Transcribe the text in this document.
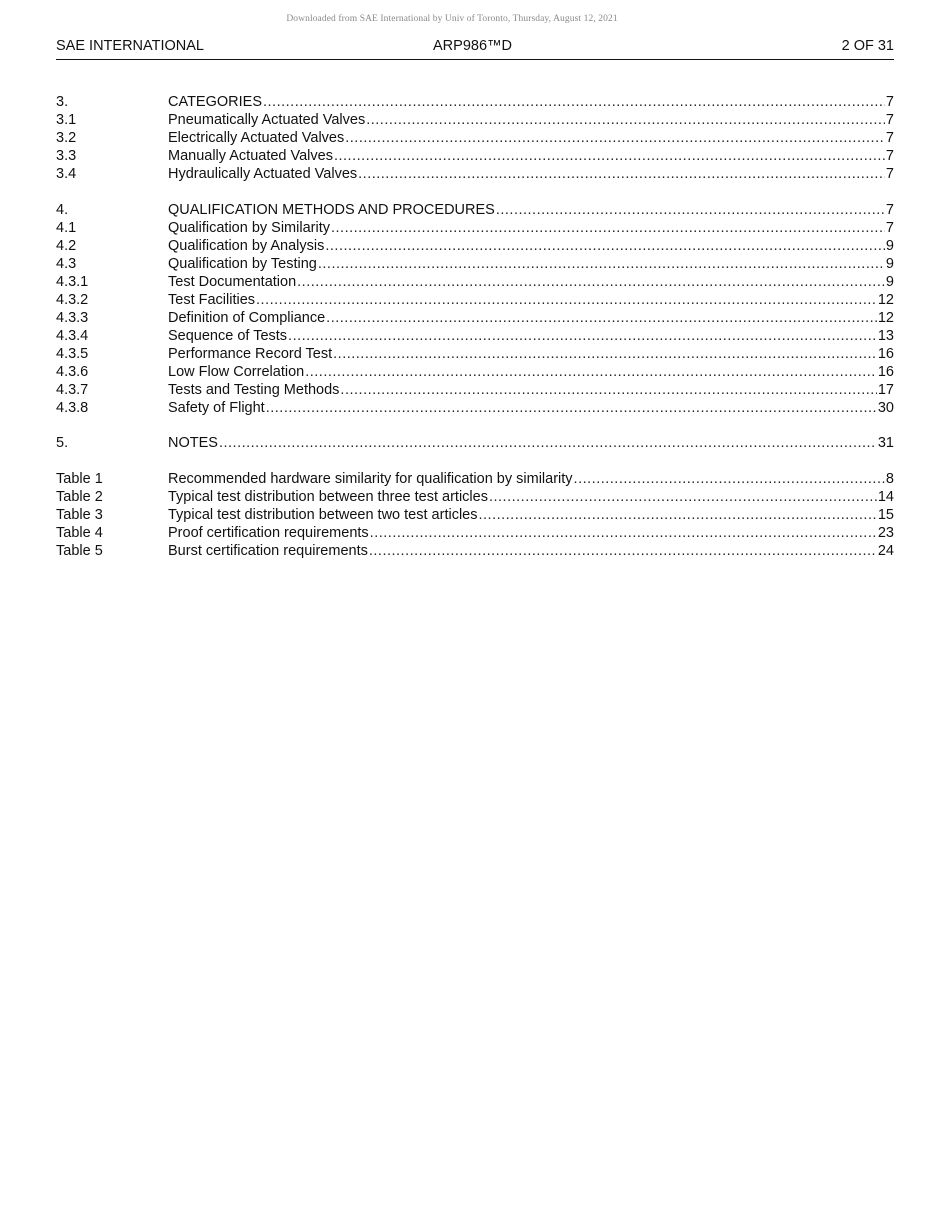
Downloaded from SAE International by Univ of Toronto, Thursday, August 12, 2021
SAE INTERNATIONAL	ARP986™D	2 OF 31
3.	CATEGORIES .....	7
3.1	Pneumatically Actuated Valves .....	7
3.2	Electrically Actuated Valves .....	7
3.3	Manually Actuated Valves .....	7
3.4	Hydraulically Actuated Valves .....	7
4.	QUALIFICATION METHODS AND PROCEDURES .....	7
4.1	Qualification by Similarity .....	7
4.2	Qualification by Analysis .....	9
4.3	Qualification by Testing .....	9
4.3.1	Test Documentation .....	9
4.3.2	Test Facilities .....	12
4.3.3	Definition of Compliance .....	12
4.3.4	Sequence of Tests .....	13
4.3.5	Performance Record Test .....	16
4.3.6	Low Flow Correlation .....	16
4.3.7	Tests and Testing Methods .....	17
4.3.8	Safety of Flight .....	30
5.	NOTES .....	31
Table 1	Recommended hardware similarity for qualification by similarity .....	8
Table 2	Typical test distribution between three test articles .....	14
Table 3	Typical test distribution between two test articles .....	15
Table 4	Proof certification requirements .....	23
Table 5	Burst certification requirements .....	24
